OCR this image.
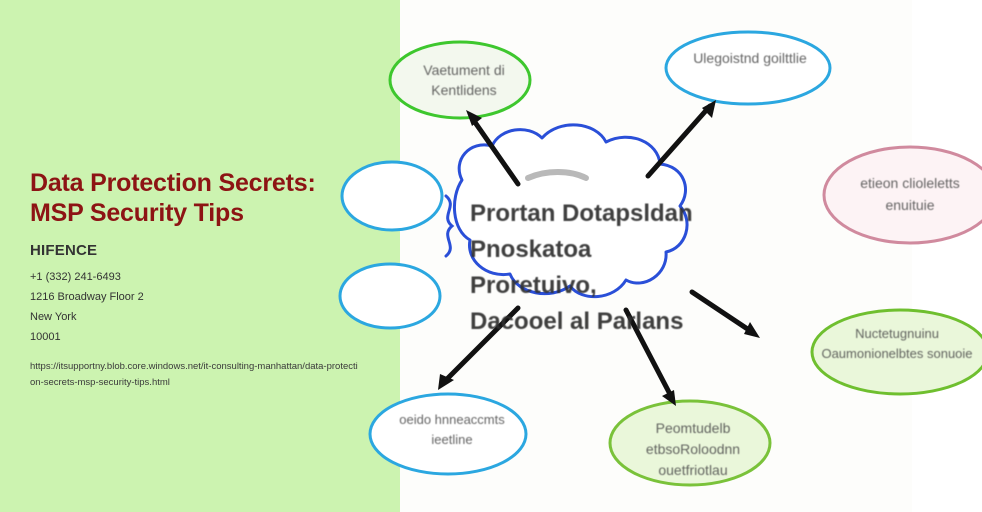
Data Protection Secrets: MSP Security Tips
HIFENCE

+1 (332) 241-6493

1216 Broadway Floor 2

New York

10001

https://itsupportny.blob.core.windows.net/it-consulting-manhattan/data-protection-secrets-msp-security-tips.html
Prortan Dotapsldan
Pnoskatoa Proretuivo,
Dacooel al Parlans
Vaetument di Kentlidens
Ulegoistnd goilttlie
etieon clioleletts enuituie
Nuctetugnuinu Oaumonionelbtes sonuoie
Peomtudelb etbsoRoloodnn ouetfriotlau
oeido hnneaccmts ieetline
